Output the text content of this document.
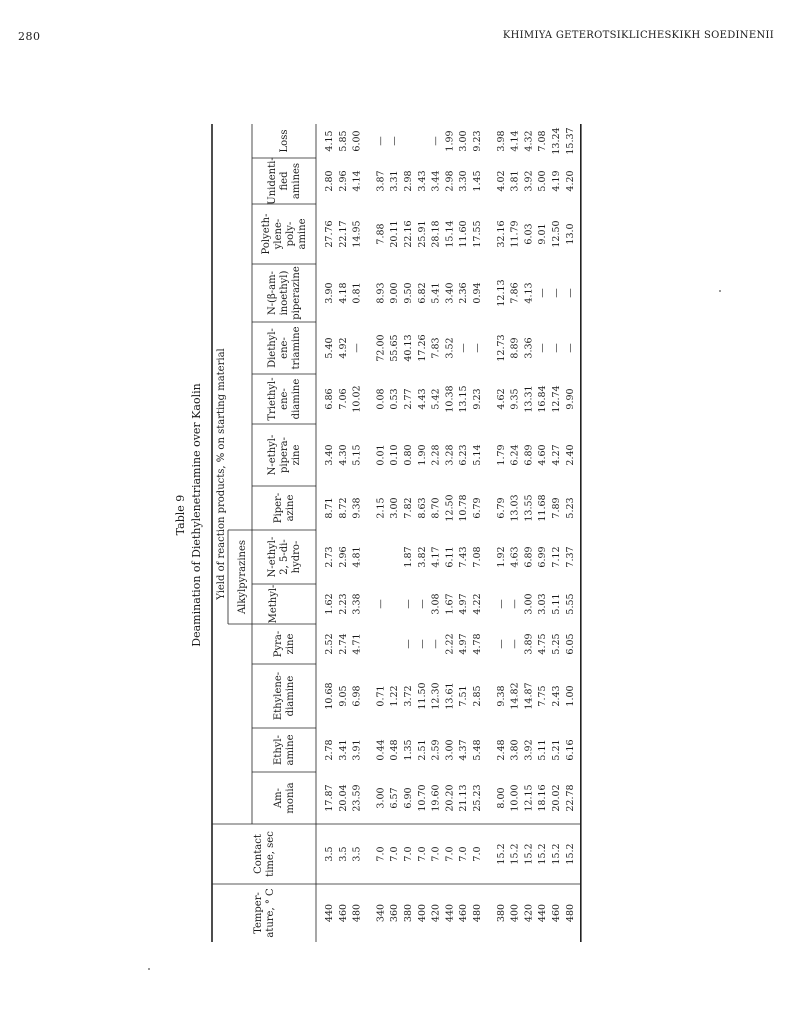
280	KHIMIYA GETEROTSIKLICHESKIKH SOEDINENII
Table 9 Deamination of Diethylenetriamine over Kaolin Yield of reaction products, % on starting material Alkylpyrazines
Temper- ature, ° C
Contact time, sec
Am- monia
Ethyl- amine
Ethylene- diamine
Pyra- zine
Methyl-
N-ethyl- 2, 5-di- hydro-
Piper- azine
N-ethyl- pipera- zine
Triethyl- ene- diamine
Diethyl- ene- triamine
N-(β-am- inoethyl) piperazine
Polyeth- ylene- poly- amine
Unidenti- fied amines
Loss
440
3.5
17.87
2.78
10.68
2.52
1.62
2.73
8.71
3.40
6.86
5.40
3.90
27.76
2.80
4.15
460
3.5
20.04
3.41
9.05
2.74
2.23
2.96
8.72
4.30
7.06
4.92
4.18
22.17
2.96
5.85
480
3.5
23.59
3.91
6.98
4.71
3.38
4.81
9.38
5.15
10.02
—
0.81
14.95
4.14
6.00
340
7.0
3.00
0.44
0.71
—
2.15
0.01
0.08
72.00
8.93
7.88
3.87
—
360
7.0
6.57
0.48
1.22
3.00
0.10
0.53
55.65
9.00
20.11
3.31
—
380
7.0
6.90
1.35
3.72
—
—
1.87
7.82
0.80
2.77
40.13
9.50
22.16
2.98
400
7.0
10.70
2.51
11.50
—
—
3.82
8.63
1.90
4.43
17.26
6.82
25.91
3.43
420
7.0
19.60
2.59
12.30
—
3.08
4.17
8.70
2.28
5.42
7.83
5.41
28.18
3.44
—
440
7.0
20.20
3.00
13.61
2.22
1.67
6.11
12.50
3.28
10.38
3.52
3.40
15.14
2.98
1.99
460
7.0
21.13
4.37
7.51
4.97
4.97
7.43
10.78
6.23
13.15
—
2.36
11.60
3.30
3.00
480
7.0
25.23
5.48
2.85
4.78
4.22
7.08
6.79
5.14
9.23
—
0.94
17.55
1.45
9.23
380
15.2
8.00
2.48
9.38
—
—
1.92
6.79
1.79
4.62
12.73
12.13
32.16
4.02
3.98
400
15.2
10.00
3.80
14.82
—
—
4.63
13.03
6.24
9.35
8.89
7.86
11.79
3.81
4.14
420
15.2
12.15
3.92
14.87
3.89
3.00
6.89
13.55
6.89
13.31
3.36
4.13
6.03
3.92
4.32
440
15.2
18.16
5.11
7.75
4.75
3.03
6.99
11.68
4.60
16.84
—
—
9.01
5.00
7.08
460
15.2
20.02
5.21
2.43
5.25
5.11
7.12
7.89
4.27
12.74
—
—
12.50
4.19
13.24
480
15.2
22.78
6.16
1.00
6.05
5.55
7.37
5.23
2.40
9.90
—
—
13.0
4.20
15.37
